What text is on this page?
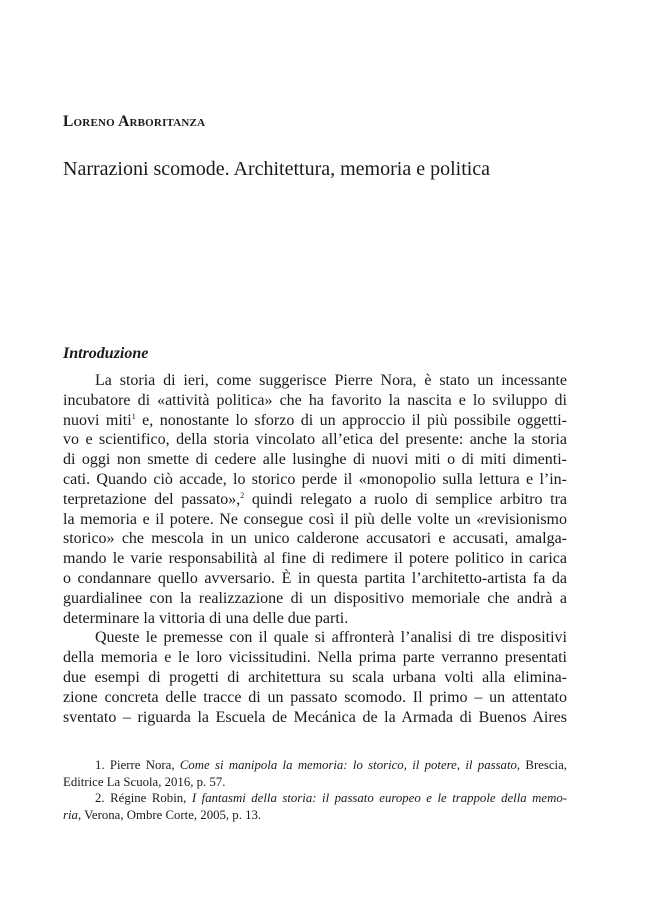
Loreno Arboritanza
Narrazioni scomode. Architettura, memoria e politica
Introduzione
La storia di ieri, come suggerisce Pierre Nora, è stato un incessante
incubatore di «attività politica» che ha favorito la nascita e lo sviluppo di
nuovi miti$^1$ e, nonostante lo sforzo di un approccio il più possibile oggetti-
vo e scientifico, della storia vincolato all’etica del presente: anche la storia
di oggi non smette di cedere alle lusinghe di nuovi miti o di miti dimenti-
cati. Quando ciò accade, lo storico perde il «monopolio sulla lettura e l’in-
terpretazione del passato»,$^2$ quindi relegato a ruolo di semplice arbitro tra
la memoria e il potere. Ne consegue così il più delle volte un «revisionismo
storico» che mescola in un unico calderone accusatori e accusati, amalga-
mando le varie responsabilità al fine di redimere il potere politico in carica
o condannare quello avversario. È in questa partita l’architetto-artista fa da
guardialinee con la realizzazione di un dispositivo memoriale che andrà a
determinare la vittoria di una delle due parti.
Queste le premesse con il quale si affronterà l’analisi di tre dispositivi
della memoria e le loro vicissitudini. Nella prima parte verranno presentati
due esempi di progetti di architettura su scala urbana volti alla elimina-
zione concreta delle tracce di un passato scomodo. Il primo – un attentato
sventato – riguarda la Escuela de Mecánica de la Armada di Buenos Aires
1. Pierre Nora, Come si manipola la memoria: lo storico, il potere, il passato, Brescia,
Editrice La Scuola, 2016, p. 57.
2. Régine Robin, I fantasmi della storia: il passato europeo e le trappole della memo-
ria, Verona, Ombre Corte, 2005, p. 13.
